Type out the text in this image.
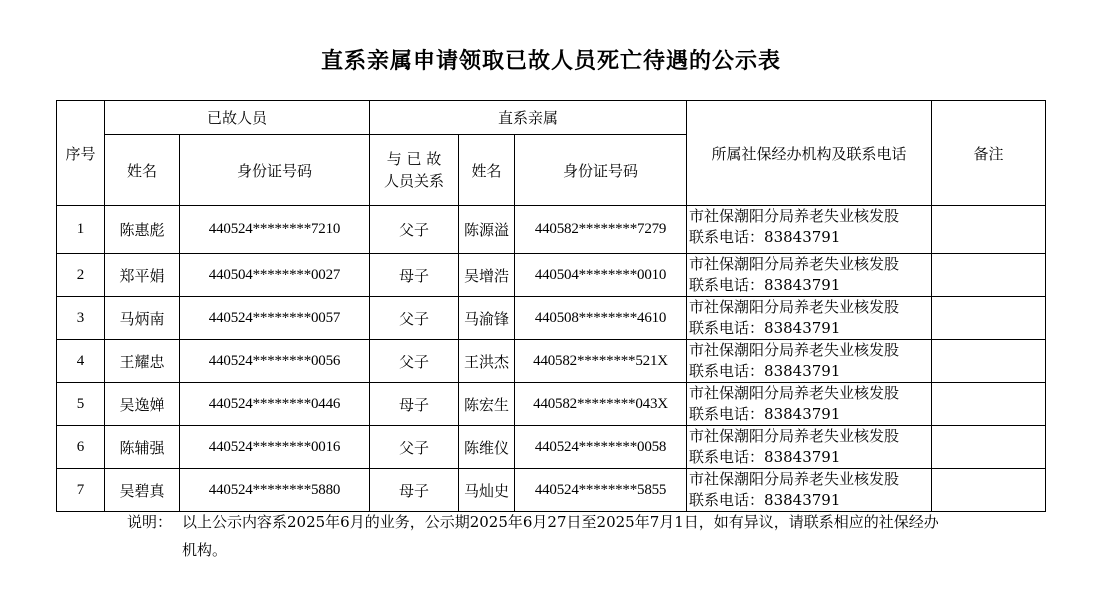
直系亲属申请领取已故人员死亡待遇的公示表
序号	已故人员		直系亲属			所属社保经办机构及联系电话	备注
	姓名	身份证号码	与 已 故
人员关系	姓名	身份证号码		
1	陈惠彪	440524********7210	父子	陈源溢	440582********7279	市社保潮阳分局养老失业核发股
联系电话：83843791	

2	郑平娟	440504********0027	母子	吴增浩	440504********0010	市社保潮阳分局养老失业核发股
联系电话：83843791	

3	马炳南	440524********0057	父子	马渝锋	440508********4610	市社保潮阳分局养老失业核发股
联系电话：83843791	

4	王耀忠	440524********0056	父子	王洪杰	440582********521X	市社保潮阳分局养老失业核发股
联系电话：83843791	

5	吴逸婵	440524********0446	母子	陈宏生	440582********043X	市社保潮阳分局养老失业核发股
联系电话：83843791	

6	陈辅强	440524********0016	父子	陈维仪	440524********0058	市社保潮阳分局养老失业核发股
联系电话：83843791	

7	吴碧真	440524********5880	母子	马灿史	440524********5855	市社保潮阳分局养老失业核发股
联系电话：83843791	

说明： 以上公示内容系2025年6月的业务，公示期2025年6月27日至2025年7月1日，如有异议，请联系相应的社保经办机构。
